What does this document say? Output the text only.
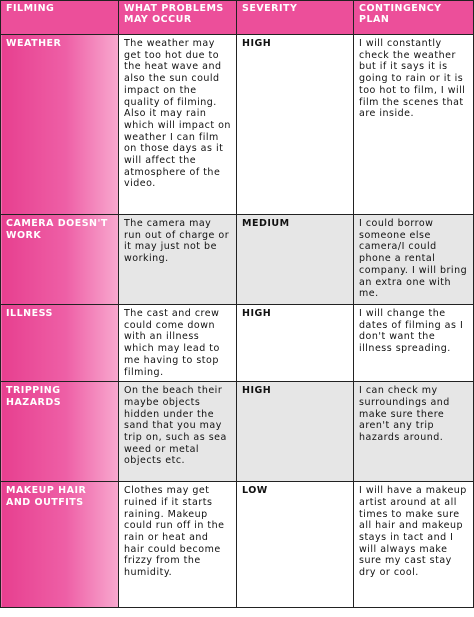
FILMING	WHAT PROBLEMS MAY OCCUR	SEVERITY	CONTINGENCY PLAN
WEATHER	The weather may get too hot due to the heat wave and also the sun could impact on the quality of filming. Also it may rain which will impact on weather I can film on those days as it will affect the atmosphere of the video.	HIGH	I will constantly check the weather but if it says it is going to rain or it is too hot to film, I will film the scenes that are inside.
CAMERA DOESN'T WORK	The camera may run out of charge or it may just not be working.	MEDIUM	I could borrow someone else camera/I could phone a rental company. I will bring an extra one with me.
ILLNESS	The cast and crew could come down with an illness which may lead to me having to stop filming.	HIGH	I will change the dates of filming as I don't want the illness spreading.
TRIPPING HAZARDS	On the beach their maybe objects hidden under the sand that you may trip on, such as sea weed or metal objects etc.	HIGH	I can check my surroundings and make sure there aren't any trip hazards around.
MAKEUP HAIR AND OUTFITS	Clothes may get ruined if it starts raining. Makeup could run off in the rain or heat and hair could become frizzy from the humidity.	LOW	I will have a makeup artist around at all times to make sure all hair and makeup stays in tact and I will always make sure my cast stay dry or cool.
